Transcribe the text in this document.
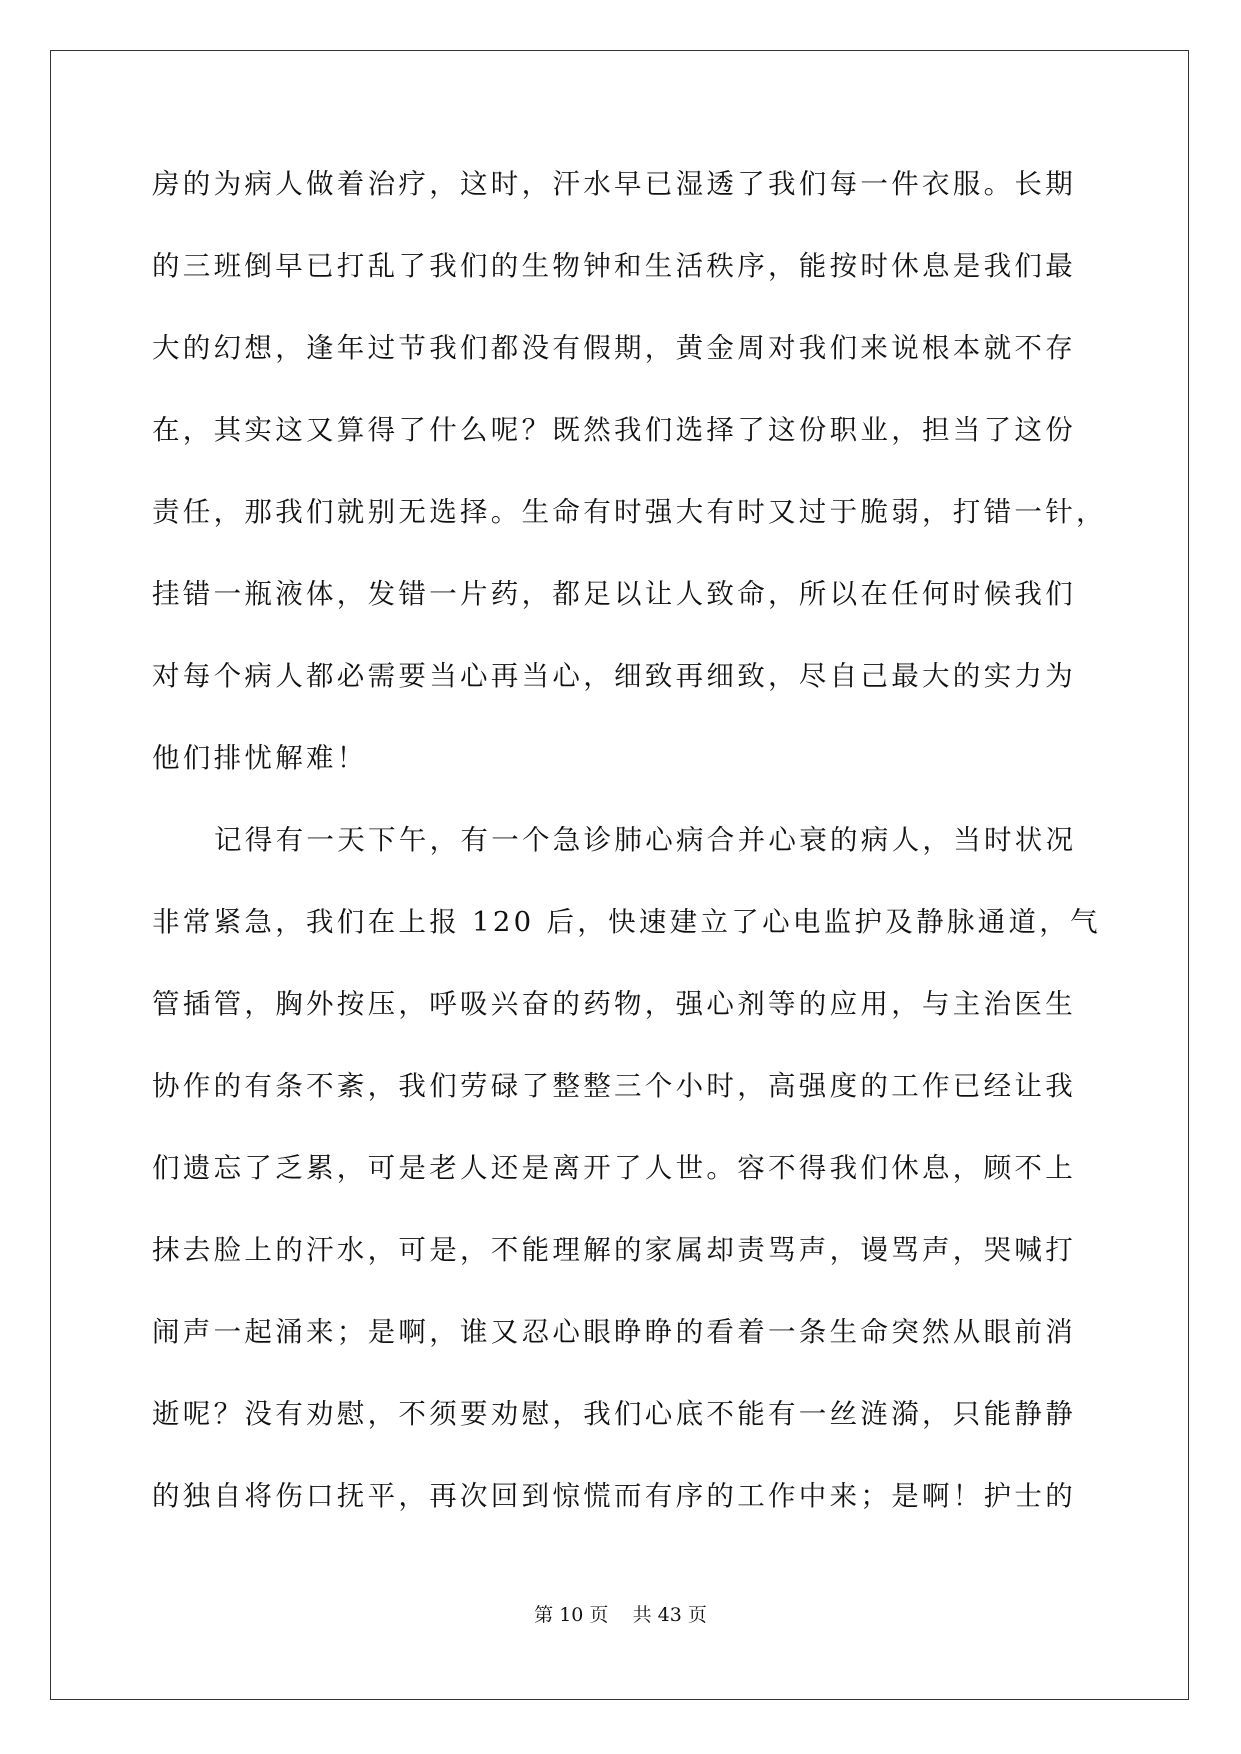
房的为病人做着治疗，这时，汗水早已湿透了我们每一件衣服。长期
的三班倒早已打乱了我们的生物钟和生活秩序，能按时休息是我们最
大的幻想，逢年过节我们都没有假期，黄金周对我们来说根本就不存
在，其实这又算得了什么呢？既然我们选择了这份职业，担当了这份
责任，那我们就别无选择。生命有时强大有时又过于脆弱，打错一针，
挂错一瓶液体，发错一片药，都足以让人致命，所以在任何时候我们
对每个病人都必需要当心再当心，细致再细致，尽自己最大的实力为
他们排忧解难！
记得有一天下午，有一个急诊肺心病合并心衰的病人，当时状况
非常紧急，我们在上报 120 后，快速建立了心电监护及静脉通道，气
管插管，胸外按压，呼吸兴奋的药物，强心剂等的应用，与主治医生
协作的有条不紊，我们劳碌了整整三个小时，高强度的工作已经让我
们遗忘了乏累，可是老人还是离开了人世。容不得我们休息，顾不上
抹去脸上的汗水，可是，不能理解的家属却责骂声，谩骂声，哭喊打
闹声一起涌来；是啊，谁又忍心眼睁睁的看着一条生命突然从眼前消
逝呢？没有劝慰，不须要劝慰，我们心底不能有一丝涟漪，只能静静
的独自将伤口抚平，再次回到惊慌而有序的工作中来；是啊！护士的
第 10 页    共 43 页
